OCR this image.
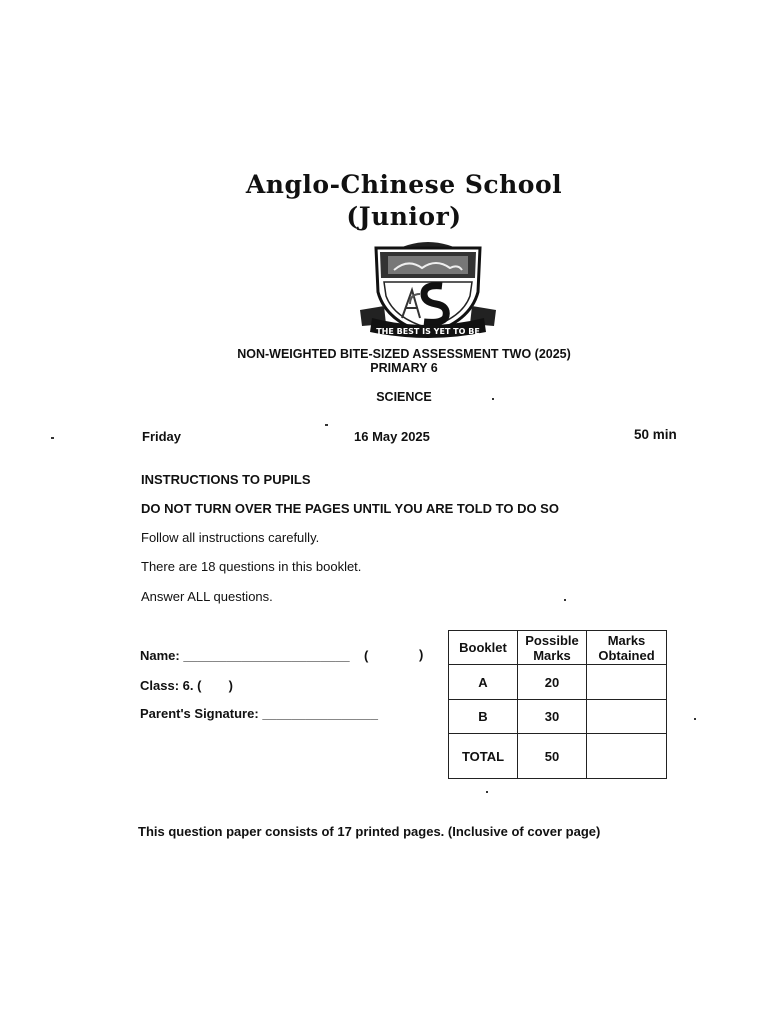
Anglo-Chinese School
(Junior)
THE BEST IS YET TO BE
NON-WEIGHTED BITE-SIZED ASSESSMENT TWO (2025)
PRIMARY 6
SCIENCE
Friday	16 May 2025	50 min
INSTRUCTIONS TO PUPILS
DO NOT TURN OVER THE PAGES UNTIL YOU ARE TOLD TO DO SO
Follow all instructions carefully.
There are 18 questions in this booklet.
Answer ALL questions.
Name: _______________________ (	)
Class: 6. ( )
Parent's Signature: ________________
Booklet	Possible Marks	Marks Obtained
A	20	
B	30	
TOTAL	50	
This question paper consists of 17 printed pages. (Inclusive of cover page)
